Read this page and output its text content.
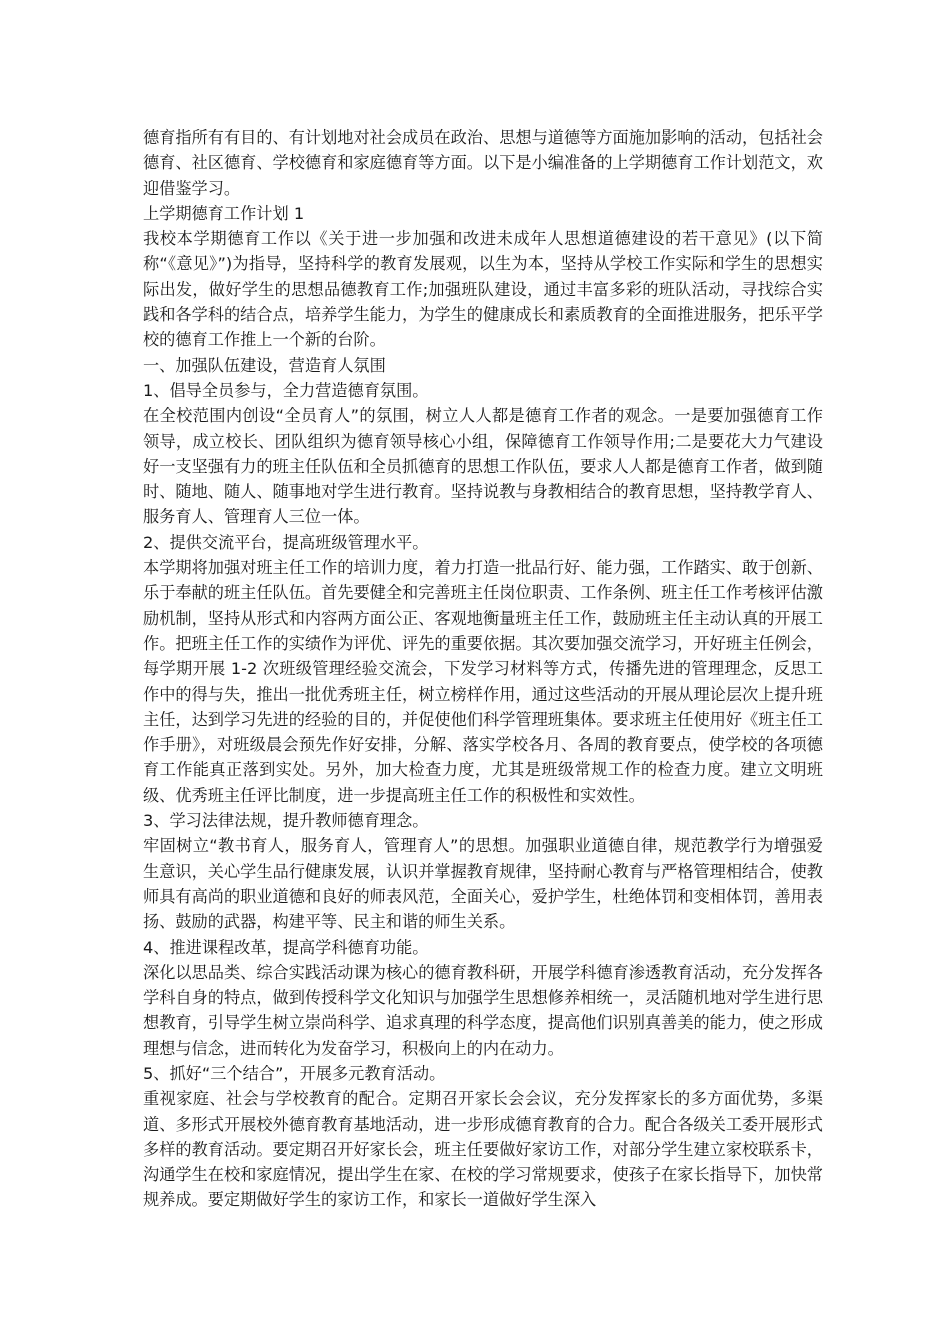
德育指所有有目的、有计划地对社会成员在政治、思想与道德等方面施加影响的活动，包括社会德育、社区德育、学校德育和家庭德育等方面。以下是小编准备的上学期德育工作计划范文，欢迎借鉴学习。

上学期德育工作计划 1

我校本学期德育工作以《关于进一步加强和改进未成年人思想道德建设的若干意见》(以下简称“《意见》”)为指导，坚持科学的教育发展观，以生为本，坚持从学校工作实际和学生的思想实际出发，做好学生的思想品德教育工作;加强班队建设，通过丰富多彩的班队活动，寻找综合实践和各学科的结合点，培养学生能力，为学生的健康成长和素质教育的全面推进服务，把乐平学校的德育工作推上一个新的台阶。

一、加强队伍建设，营造育人氛围

1、倡导全员参与，全力营造德育氛围。

在全校范围内创设“全员育人”的氛围，树立人人都是德育工作者的观念。一是要加强德育工作领导，成立校长、团队组织为德育领导核心小组，保障德育工作领导作用;二是要花大力气建设好一支坚强有力的班主任队伍和全员抓德育的思想工作队伍，要求人人都是德育工作者，做到随时、随地、随人、随事地对学生进行教育。坚持说教与身教相结合的教育思想，坚持教学育人、服务育人、管理育人三位一体。

2、提供交流平台，提高班级管理水平。

本学期将加强对班主任工作的培训力度，着力打造一批品行好、能力强，工作踏实、敢于创新、乐于奉献的班主任队伍。首先要健全和完善班主任岗位职责、工作条例、班主任工作考核评估激励机制，坚持从形式和内容两方面公正、客观地衡量班主任工作，鼓励班主任主动认真的开展工作。把班主任工作的实绩作为评优、评先的重要依据。其次要加强交流学习，开好班主任例会，每学期开展 1-2 次班级管理经验交流会，下发学习材料等方式，传播先进的管理理念，反思工作中的得与失，推出一批优秀班主任，树立榜样作用，通过这些活动的开展从理论层次上提升班主任，达到学习先进的经验的目的，并促使他们科学管理班集体。要求班主任使用好《班主任工作手册》，对班级晨会预先作好安排，分解、落实学校各月、各周的教育要点，使学校的各项德育工作能真正落到实处。另外，加大检查力度，尤其是班级常规工作的检查力度。建立文明班级、优秀班主任评比制度，进一步提高班主任工作的积极性和实效性。

3、学习法律法规，提升教师德育理念。

牢固树立“教书育人，服务育人，管理育人”的思想。加强职业道德自律，规范教学行为增强爱生意识，关心学生品行健康发展，认识并掌握教育规律，坚持耐心教育与严格管理相结合，使教师具有高尚的职业道德和良好的师表风范，全面关心，爱护学生，杜绝体罚和变相体罚，善用表扬、鼓励的武器，构建平等、民主和谐的师生关系。

4、推进课程改革，提高学科德育功能。

深化以思品类、综合实践活动课为核心的德育教科研，开展学科德育渗透教育活动，充分发挥各学科自身的特点，做到传授科学文化知识与加强学生思想修养相统一，灵活随机地对学生进行思想教育，引导学生树立崇尚科学、追求真理的科学态度，提高他们识别真善美的能力，使之形成理想与信念，进而转化为发奋学习，积极向上的内在动力。

5、抓好“三个结合”，开展多元教育活动。

重视家庭、社会与学校教育的配合。定期召开家长会会议，充分发挥家长的多方面优势，多渠道、多形式开展校外德育教育基地活动，进一步形成德育教育的合力。配合各级关工委开展形式多样的教育活动。要定期召开好家长会，班主任要做好家访工作，对部分学生建立家校联系卡，沟通学生在校和家庭情况，提出学生在家、在校的学习常规要求，使孩子在家长指导下，加快常规养成。要定期做好学生的家访工作，和家长一道做好学生深入
